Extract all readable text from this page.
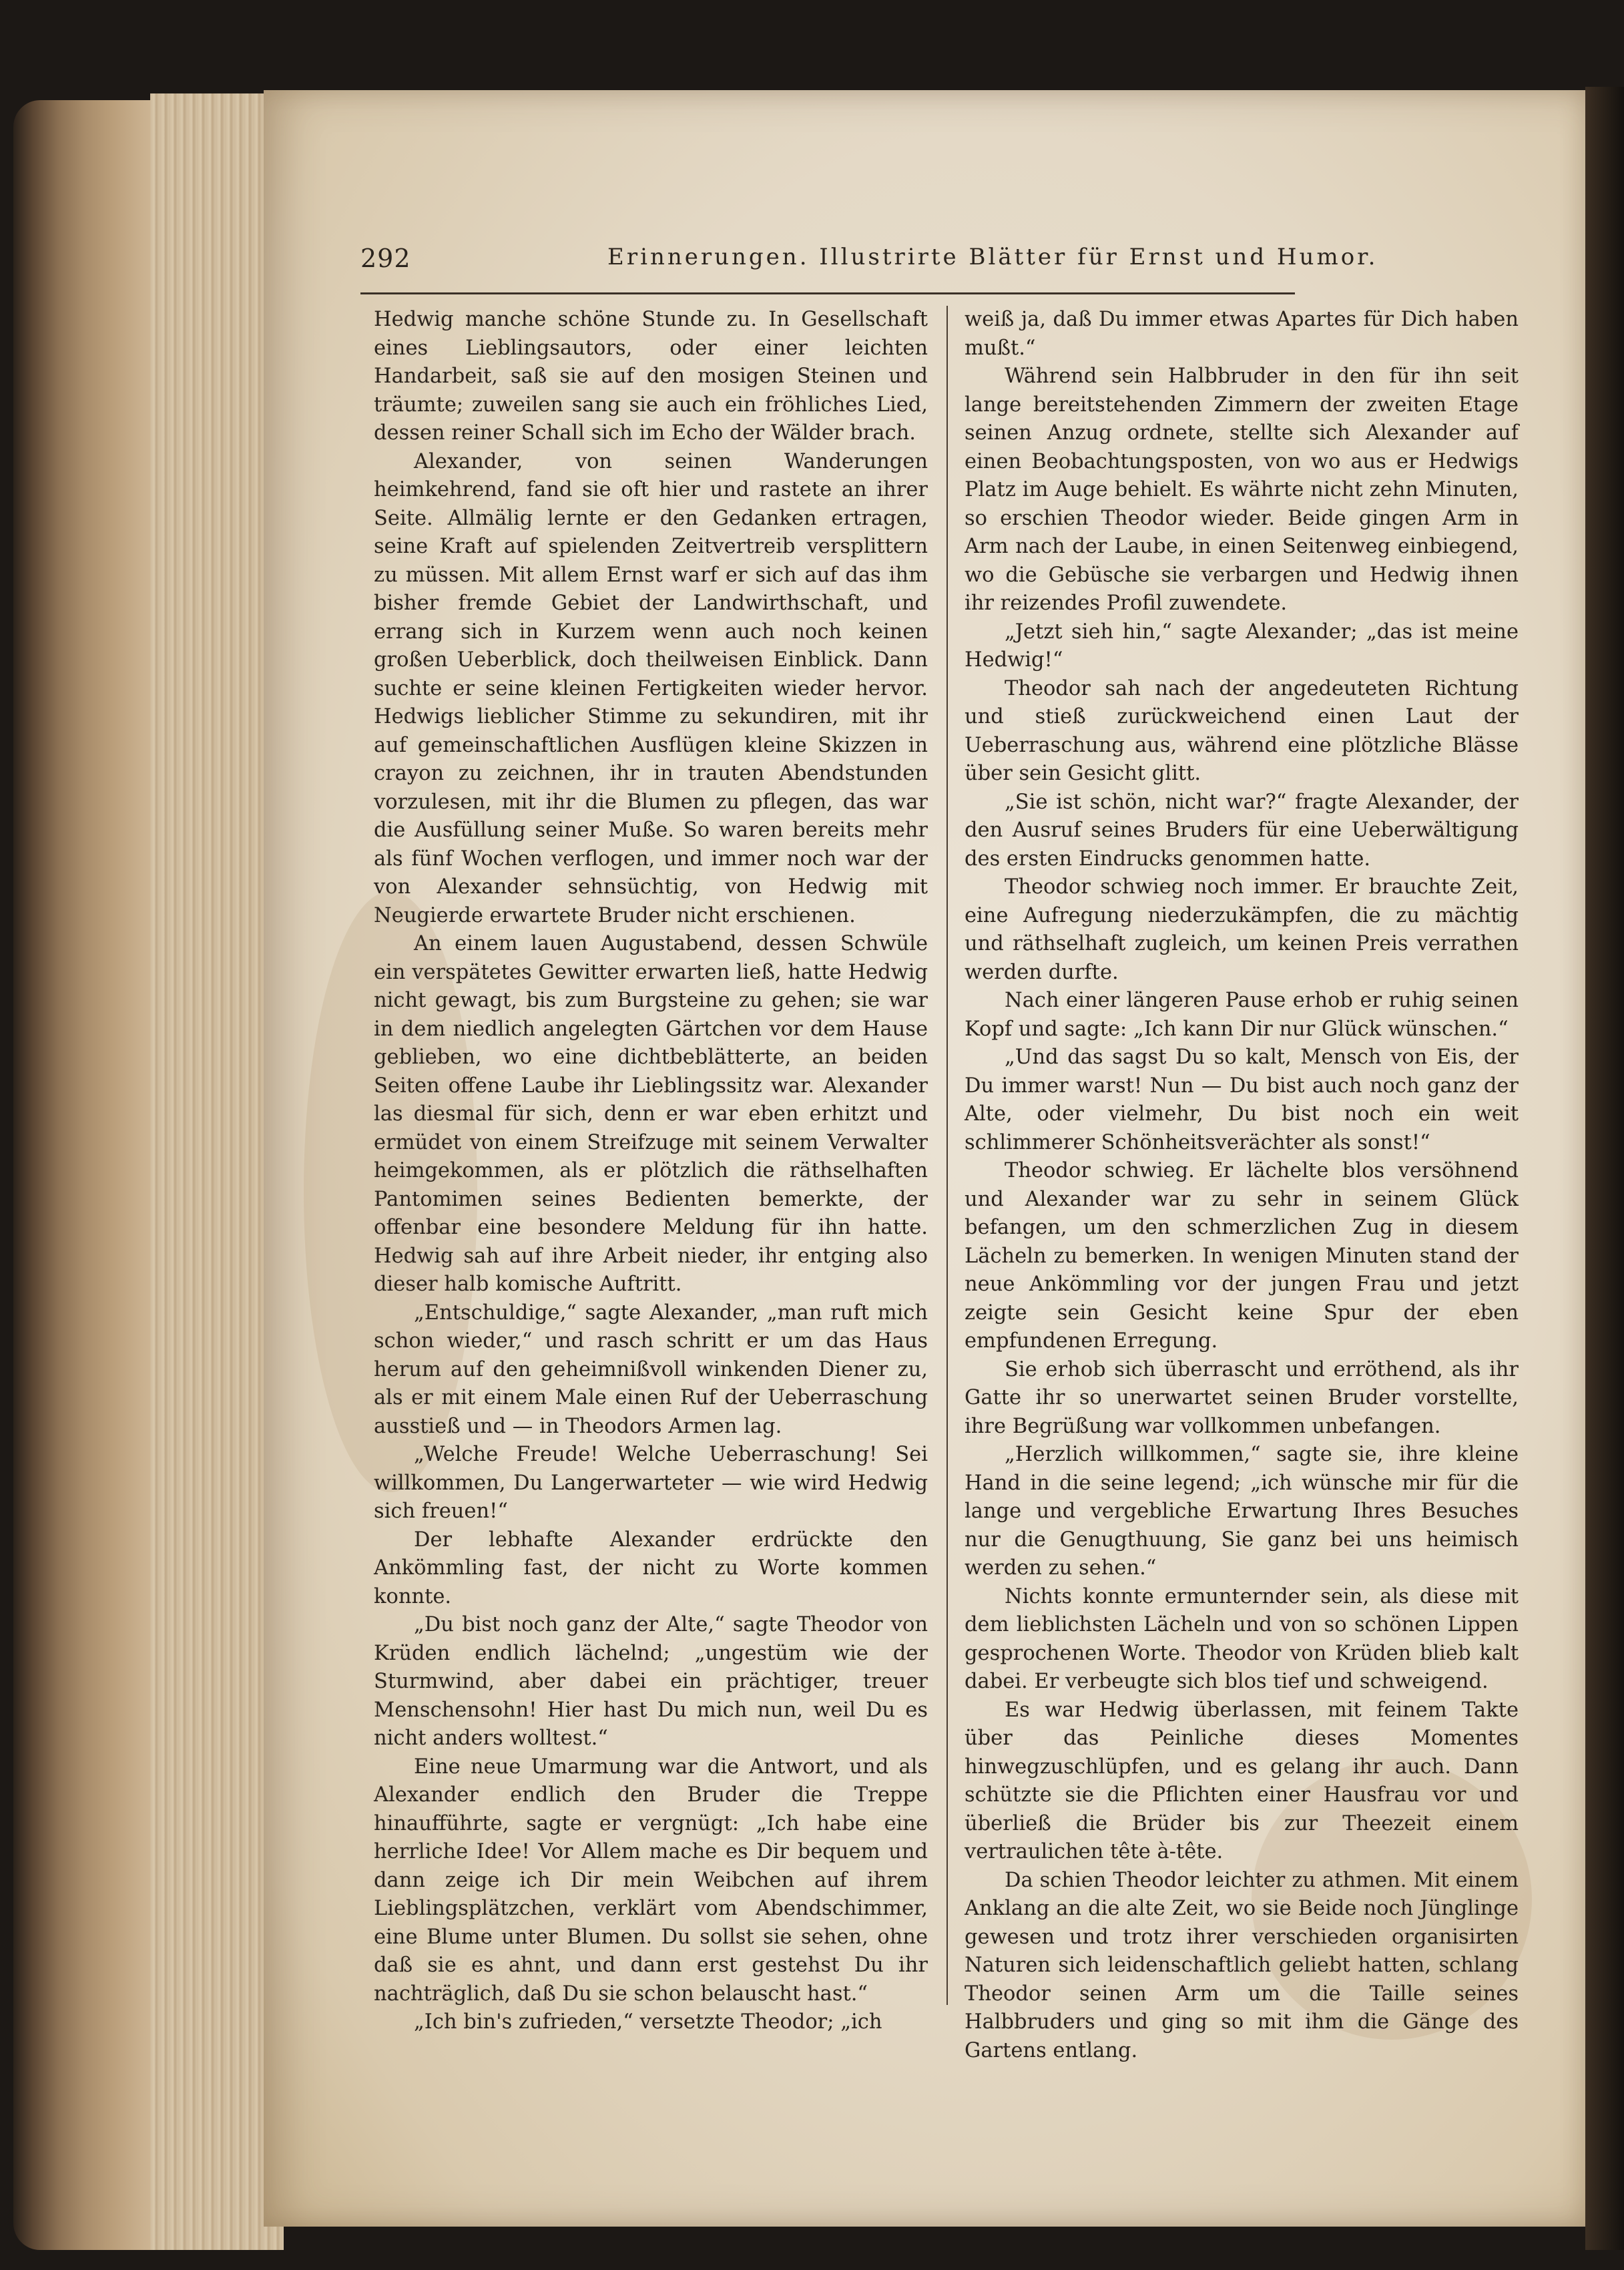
292	Erinnerungen. Illustrirte Blätter für Ernst und Humor.

Hedwig manche schöne Stunde zu. In Gesellschaft eines Lieblingsautors, oder einer leichten Handarbeit, saß sie auf den mosigen Steinen und träumte; zuweilen sang sie auch ein fröhliches Lied, dessen reiner Schall sich im Echo der Wälder brach.

Alexander, von seinen Wanderungen heimkehrend, fand sie oft hier und rastete an ihrer Seite. Allmälig lernte er den Gedanken ertragen, seine Kraft auf spielenden Zeitvertreib versplittern zu müssen. Mit allem Ernst warf er sich auf das ihm bisher fremde Gebiet der Landwirthschaft, und errang sich in Kurzem wenn auch noch keinen großen Ueberblick, doch theilweisen Einblick. Dann suchte er seine kleinen Fertigkeiten wieder hervor. Hedwigs lieblicher Stimme zu sekundiren, mit ihr auf gemeinschaftlichen Ausflügen kleine Skizzen in crayon zu zeichnen, ihr in trauten Abendstunden vorzulesen, mit ihr die Blumen zu pflegen, das war die Ausfüllung seiner Muße. So waren bereits mehr als fünf Wochen verflogen, und immer noch war der von Alexander sehnsüchtig, von Hedwig mit Neugierde erwartete Bruder nicht erschienen.

An einem lauen Augustabend, dessen Schwüle ein verspätetes Gewitter erwarten ließ, hatte Hedwig nicht gewagt, bis zum Burgsteine zu gehen; sie war in dem niedlich angelegten Gärtchen vor dem Hause geblieben, wo eine dichtbeblätterte, an beiden Seiten offene Laube ihr Lieblingssitz war. Alexander las diesmal für sich, denn er war eben erhitzt und ermüdet von einem Streifzuge mit seinem Verwalter heimgekommen, als er plötzlich die räthselhaften Pantomimen seines Bedienten bemerkte, der offenbar eine besondere Meldung für ihn hatte. Hedwig sah auf ihre Arbeit nieder, ihr entging also dieser halb komische Auftritt.

„Entschuldige,“ sagte Alexander, „man ruft mich schon wieder,“ und rasch schritt er um das Haus herum auf den geheimnißvoll winkenden Diener zu, als er mit einem Male einen Ruf der Ueberraschung ausstieß und — in Theodors Armen lag.

„Welche Freude! Welche Ueberraschung! Sei willkommen, Du Langerwarteter — wie wird Hedwig sich freuen!“

Der lebhafte Alexander erdrückte den Ankömmling fast, der nicht zu Worte kommen konnte.

„Du bist noch ganz der Alte,“ sagte Theodor von Krüden endlich lächelnd; „ungestüm wie der Sturmwind, aber dabei ein prächtiger, treuer Menschensohn! Hier hast Du mich nun, weil Du es nicht anders wolltest.“

Eine neue Umarmung war die Antwort, und als Alexander endlich den Bruder die Treppe hinaufführte, sagte er vergnügt: „Ich habe eine herrliche Idee! Vor Allem mache es Dir bequem und dann zeige ich Dir mein Weibchen auf ihrem Lieblingsplätzchen, verklärt vom Abendschimmer, eine Blume unter Blumen. Du sollst sie sehen, ohne daß sie es ahnt, und dann erst gestehst Du ihr nachträglich, daß Du sie schon belauscht hast.“

„Ich bin's zufrieden,“ versetzte Theodor; „ich

weiß ja, daß Du immer etwas Apartes für Dich haben mußt.“

Während sein Halbbruder in den für ihn seit lange bereitstehenden Zimmern der zweiten Etage seinen Anzug ordnete, stellte sich Alexander auf einen Beobachtungsposten, von wo aus er Hedwigs Platz im Auge behielt. Es währte nicht zehn Minuten, so erschien Theodor wieder. Beide gingen Arm in Arm nach der Laube, in einen Seitenweg einbiegend, wo die Gebüsche sie verbargen und Hedwig ihnen ihr reizendes Profil zuwendete.

„Jetzt sieh hin,“ sagte Alexander; „das ist meine Hedwig!“

Theodor sah nach der angedeuteten Richtung und stieß zurückweichend einen Laut der Ueberraschung aus, während eine plötzliche Blässe über sein Gesicht glitt.

„Sie ist schön, nicht war?“ fragte Alexander, der den Ausruf seines Bruders für eine Ueberwältigung des ersten Eindrucks genommen hatte.

Theodor schwieg noch immer. Er brauchte Zeit, eine Aufregung niederzukämpfen, die zu mächtig und räthselhaft zugleich, um keinen Preis verrathen werden durfte.

Nach einer längeren Pause erhob er ruhig seinen Kopf und sagte: „Ich kann Dir nur Glück wünschen.“

„Und das sagst Du so kalt, Mensch von Eis, der Du immer warst! Nun — Du bist auch noch ganz der Alte, oder vielmehr, Du bist noch ein weit schlimmerer Schönheitsverächter als sonst!“

Theodor schwieg. Er lächelte blos versöhnend und Alexander war zu sehr in seinem Glück befangen, um den schmerzlichen Zug in diesem Lächeln zu bemerken. In wenigen Minuten stand der neue Ankömmling vor der jungen Frau und jetzt zeigte sein Gesicht keine Spur der eben empfundenen Erregung.

Sie erhob sich überrascht und erröthend, als ihr Gatte ihr so unerwartet seinen Bruder vorstellte, ihre Begrüßung war vollkommen unbefangen.

„Herzlich willkommen,“ sagte sie, ihre kleine Hand in die seine legend; „ich wünsche mir für die lange und vergebliche Erwartung Ihres Besuches nur die Genugthuung, Sie ganz bei uns heimisch werden zu sehen.“

Nichts konnte ermunternder sein, als diese mit dem lieblichsten Lächeln und von so schönen Lippen gesprochenen Worte. Theodor von Krüden blieb kalt dabei. Er verbeugte sich blos tief und schweigend.

Es war Hedwig überlassen, mit feinem Takte über das Peinliche dieses Momentes hinwegzuschlüpfen, und es gelang ihr auch. Dann schützte sie die Pflichten einer Hausfrau vor und überließ die Brüder bis zur Theezeit einem vertraulichen tête à-tête.

Da schien Theodor leichter zu athmen. Mit einem Anklang an die alte Zeit, wo sie Beide noch Jünglinge gewesen und trotz ihrer verschieden organisirten Naturen sich leidenschaftlich geliebt hatten, schlang Theodor seinen Arm um die Taille seines Halbbruders und ging so mit ihm die Gänge des Gartens entlang.
